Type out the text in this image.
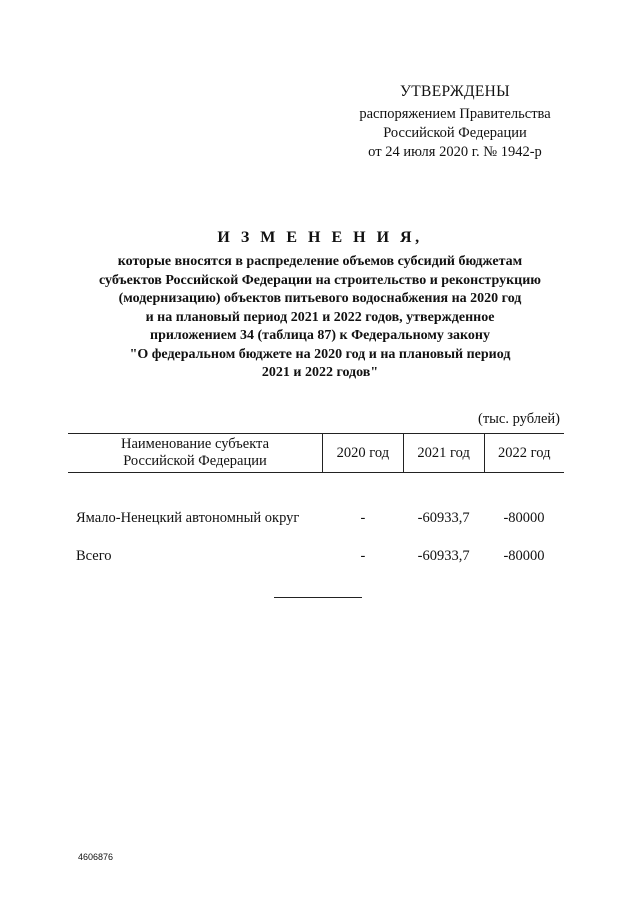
УТВЕРЖДЕНЫ
распоряжением Правительства
Российской Федерации
от 24 июля 2020 г. № 1942-р
И З М Е Н Е Н И Я,
которые вносятся в распределение объемов субсидий бюджетам
субъектов Российской Федерации на строительство и реконструкцию
(модернизацию) объектов питьевого водоснабжения на 2020 год
и на плановый период 2021 и 2022 годов, утвержденное
приложением 34 (таблица 87) к Федеральному закону
"О федеральном бюджете на 2020 год и на плановый период
2021 и 2022 годов"
(тыс. рублей)
Наименование субъекта
Российской Федерации	2020 год	2021 год	2022 год
Ямало-Ненецкий автономный округ	-	-60933,7	-80000
Всего	-	-60933,7	-80000
4606876
